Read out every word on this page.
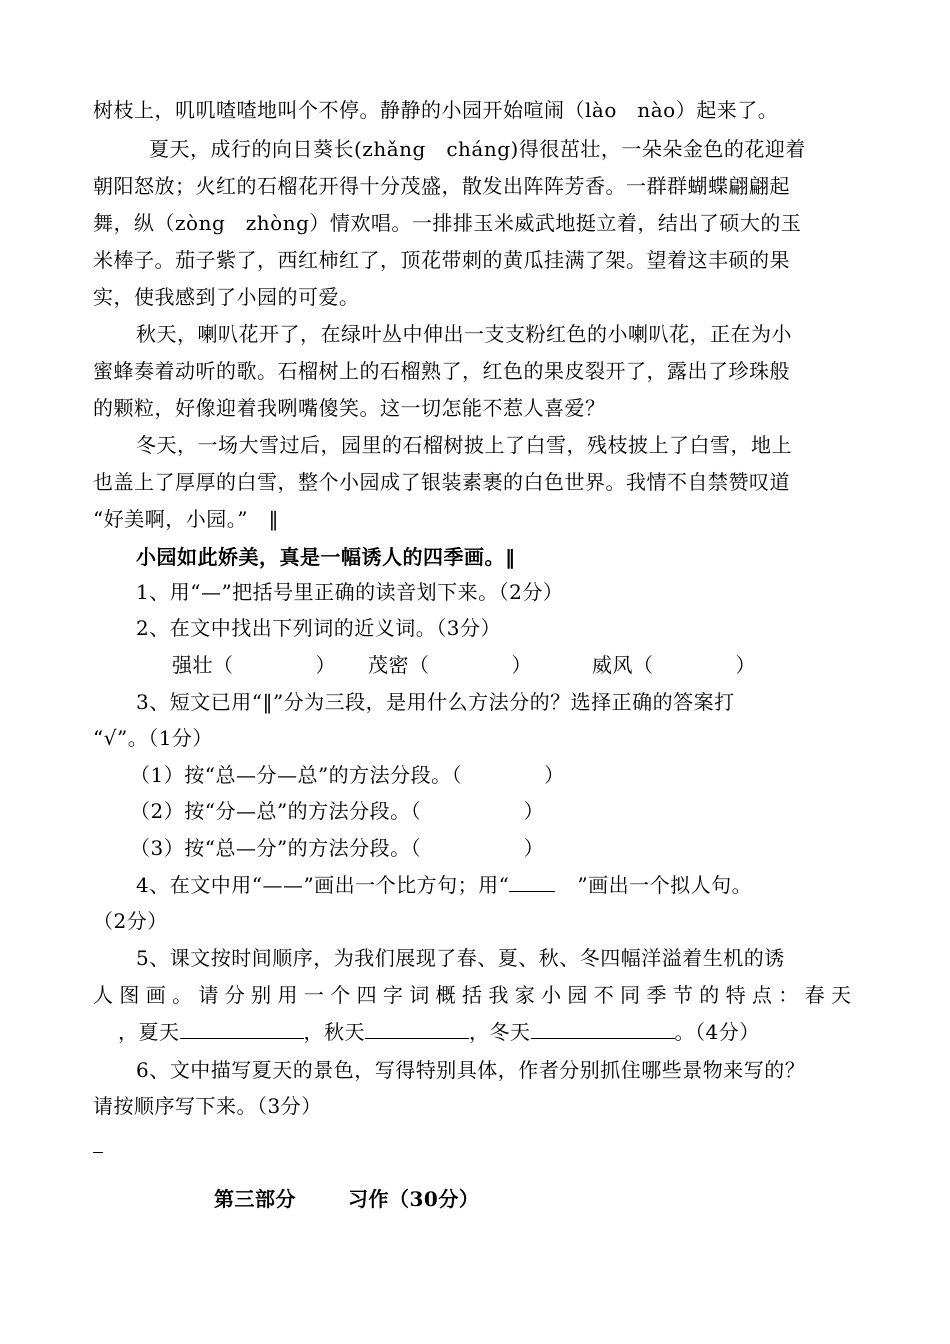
树枝上，叽叽喳喳地叫个不停。静静的小园开始喧闹（lào　nào）起来了。
夏天，成行的向日葵长(zhǎng　cháng)得很茁壮，一朵朵金色的花迎着
朝阳怒放；火红的石榴花开得十分茂盛，散发出阵阵芳香。一群群蝴蝶翩翩起
舞，纵（zòng　zhòng）情欢唱。一排排玉米威武地挺立着，结出了硕大的玉
米棒子。茄子紫了，西红柿红了，顶花带刺的黄瓜挂满了架。望着这丰硕的果
实，使我感到了小园的可爱。
秋天，喇叭花开了，在绿叶丛中伸出一支支粉红色的小喇叭花，正在为小
蜜蜂奏着动听的歌。石榴树上的石榴熟了，红色的果皮裂开了，露出了珍珠般
的颗粒，好像迎着我咧嘴傻笑。这一切怎能不惹人喜爱？
冬天，一场大雪过后，园里的石榴树披上了白雪，残枝披上了白雪，地上
也盖上了厚厚的白雪，整个小园成了银装素裹的白色世界。我情不自禁赞叹道
“好美啊，小园。”　‖
小园如此娇美，真是一幅诱人的四季画。‖
1、用“—”把括号里正确的读音划下来。（2分）
2、在文中找出下列词的近义词。（3分）
强壮（　　　　） 茂密（　　　　）	威风（　　　　）
3、短文已用“‖”分为三段，是用什么方法分的？选择正确的答案打
“√”。（1分）
（1）按“总—分—总”的方法分段。（　　　　）
（2）按“分—总”的方法分段。（　　　　　）
（3）按“总—分”的方法分段。（　　　　　）
4、在文中用“——”画出一个比方句；用“	”画出一个拟人句。
（2分）
5、课文按时间顺序，为我们展现了春、夏、秋、冬四幅洋溢着生机的诱
人 图 画 。 请 分 别 用 一 个 四 字 词 概 括 我 家 小 园 不 同 季 节 的 特 点 ： 春 天
，夏天	，秋天	，冬天	。（4分）
6、文中描写夏天的景色，写得特别具体，作者分别抓住哪些景物来写的？
请按顺序写下来。（3分）
第三部分	习作（30分）
